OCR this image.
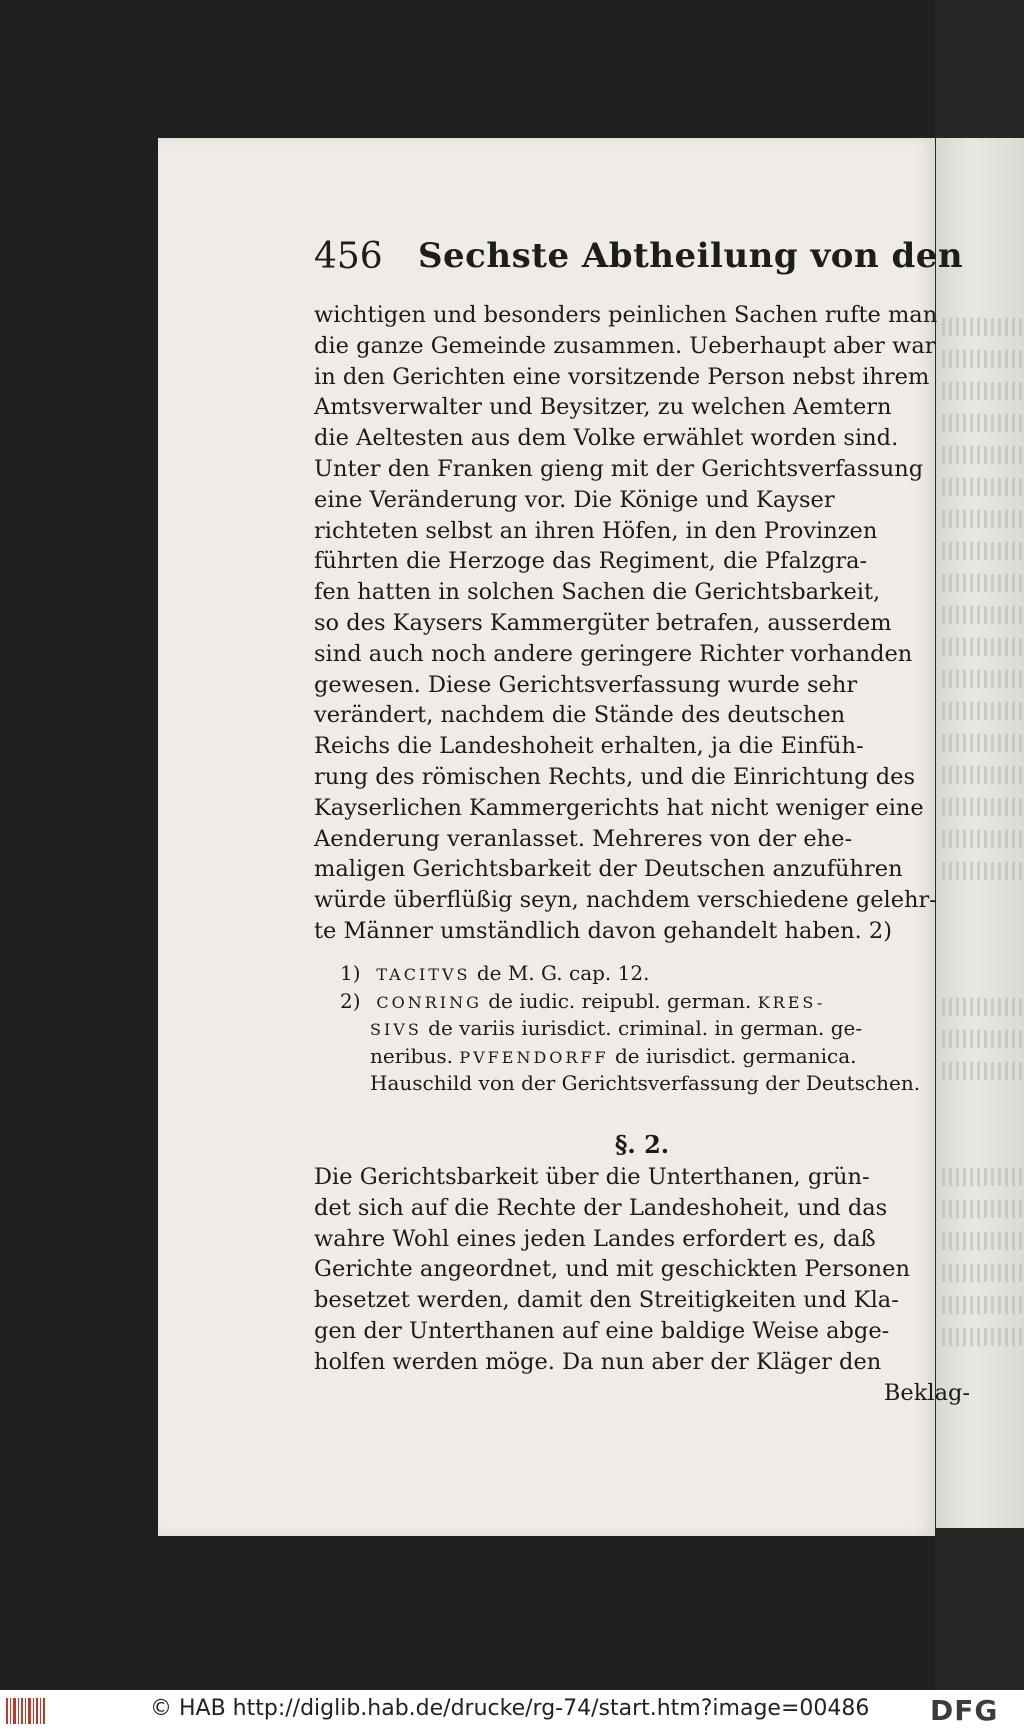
456 Sechste Abtheilung von den
wichtigen und besonders peinlichen Sachen rufte man
die ganze Gemeinde zusammen. Ueberhaupt aber war
in den Gerichten eine vorsitzende Person nebst ihrem
Amtsverwalter und Beysitzer, zu welchen Aemtern
die Aeltesten aus dem Volke erwählet worden sind.
Unter den Franken gieng mit der Gerichtsverfassung
eine Veränderung vor. Die Könige und Kayser
richteten selbst an ihren Höfen, in den Provinzen
führten die Herzoge das Regiment, die Pfalzgra-
fen hatten in solchen Sachen die Gerichtsbarkeit,
so des Kaysers Kammergüter betrafen, ausserdem
sind auch noch andere geringere Richter vorhanden
gewesen. Diese Gerichtsverfassung wurde sehr
verändert, nachdem die Stände des deutschen
Reichs die Landeshoheit erhalten, ja die Einfüh-
rung des römischen Rechts, und die Einrichtung des
Kayserlichen Kammergerichts hat nicht weniger eine
Aenderung veranlasset. Mehreres von der ehe-
maligen Gerichtsbarkeit der Deutschen anzuführen
würde überflüßig seyn, nachdem verschiedene gelehr-
te Männer umständlich davon gehandelt haben. 2)
1) TACITVS de M. G. cap. 12.
2) CONRING de iudic. reipubl. german. KRES-
SIVS de variis iurisdict. criminal. in german. ge-
neribus. PVFENDORFF de iurisdict. germanica.
Hauschild von der Gerichtsverfassung der Deutschen.
§. 2.
Die Gerichtsbarkeit über die Unterthanen, grün-
det sich auf die Rechte der Landeshoheit, und das
wahre Wohl eines jeden Landes erfordert es, daß
Gerichte angeordnet, und mit geschickten Personen
besetzet werden, damit den Streitigkeiten und Kla-
gen der Unterthanen auf eine baldige Weise abge-
holfen werden möge. Da nun aber der Kläger den
Beklag-
© HAB http://diglib.hab.de/drucke/rg-74/start.htm?image=00486 DFG
